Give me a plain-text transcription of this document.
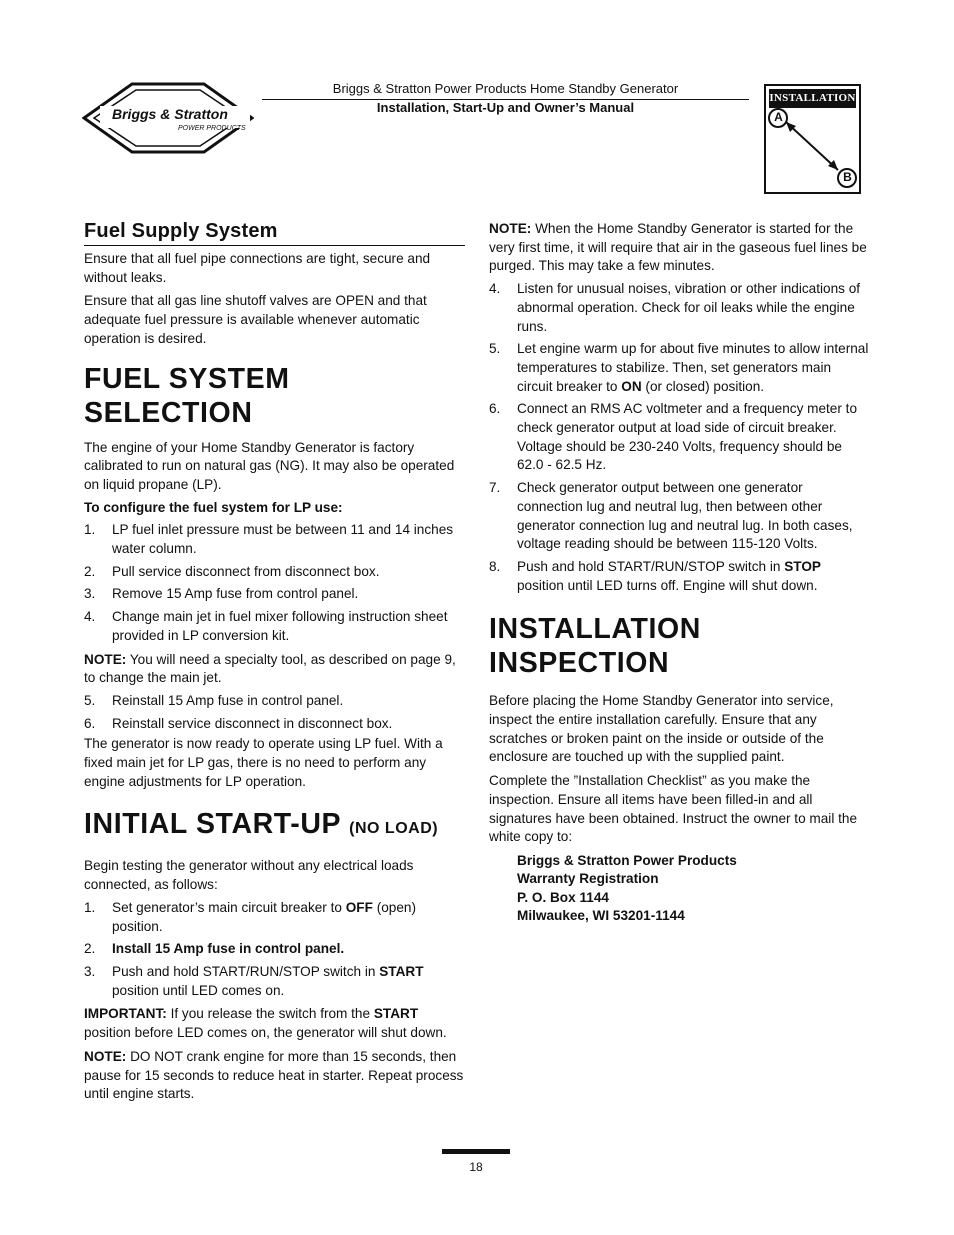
Briggs & Stratton
POWER PRODUCTS
Briggs & Stratton Power Products Home Standby Generator
Installation, Start-Up and Owner’s Manual
INSTALLATION
A
B
Fuel Supply System

Ensure that all fuel pipe connections are tight, secure and without leaks.

Ensure that all gas line shutoff valves are OPEN and that adequate fuel pressure is available whenever automatic operation is desired.

FUEL SYSTEM SELECTION

The engine of your Home Standby Generator is factory calibrated to run on natural gas (NG). It may also be operated on liquid propane (LP).

To configure the fuel system for LP use:

1. LP fuel inlet pressure must be between 11 and 14 inches water column.
2. Pull service disconnect from disconnect box.
3. Remove 15 Amp fuse from control panel.
4. Change main jet in fuel mixer following instruction sheet provided in LP conversion kit.

NOTE: You will need a specialty tool, as described on page 9, to change the main jet.

5. Reinstall 15 Amp fuse in control panel.
6. Reinstall service disconnect in disconnect box.

The generator is now ready to operate using LP fuel. With a fixed main jet for LP gas, there is no need to perform any engine adjustments for LP operation.

INITIAL START-UP (NO LOAD)

Begin testing the generator without any electrical loads connected, as follows:

1. Set generator’s main circuit breaker to OFF (open) position.
2. Install 15 Amp fuse in control panel.
3. Push and hold START/RUN/STOP switch in START position until LED comes on.

IMPORTANT: If you release the switch from the START position before LED comes on, the generator will shut down.

NOTE: DO NOT crank engine for more than 15 seconds, then pause for 15 seconds to reduce heat in starter. Repeat process until engine starts.

NOTE: When the Home Standby Generator is started for the very first time, it will require that air in the gaseous fuel lines be purged. This may take a few minutes.

4. Listen for unusual noises, vibration or other indications of abnormal operation. Check for oil leaks while the engine runs.
5. Let engine warm up for about five minutes to allow internal temperatures to stabilize. Then, set generators main circuit breaker to ON (or closed) position.
6. Connect an RMS AC voltmeter and a frequency meter to check generator output at load side of circuit breaker. Voltage should be 230-240 Volts, frequency should be 62.0 - 62.5 Hz.
7. Check generator output between one generator connection lug and neutral lug, then between other generator connection lug and neutral lug. In both cases, voltage reading should be between 115-120 Volts.
8. Push and hold START/RUN/STOP switch in STOP position until LED turns off. Engine will shut down.
INSTALLATION
INSPECTION

Before placing the Home Standby Generator into service, inspect the entire installation carefully. Ensure that any scratches or broken paint on the inside or outside of the enclosure are touched up with the supplied paint.

Complete the ”Installation Checklist” as you make the inspection. Ensure all items have been filled-in and all signatures have been obtained. Instruct the owner to mail the white copy to:

Briggs & Stratton Power Products
Warranty Registration
P. O. Box 1144
Milwaukee, WI 53201-1144
18
